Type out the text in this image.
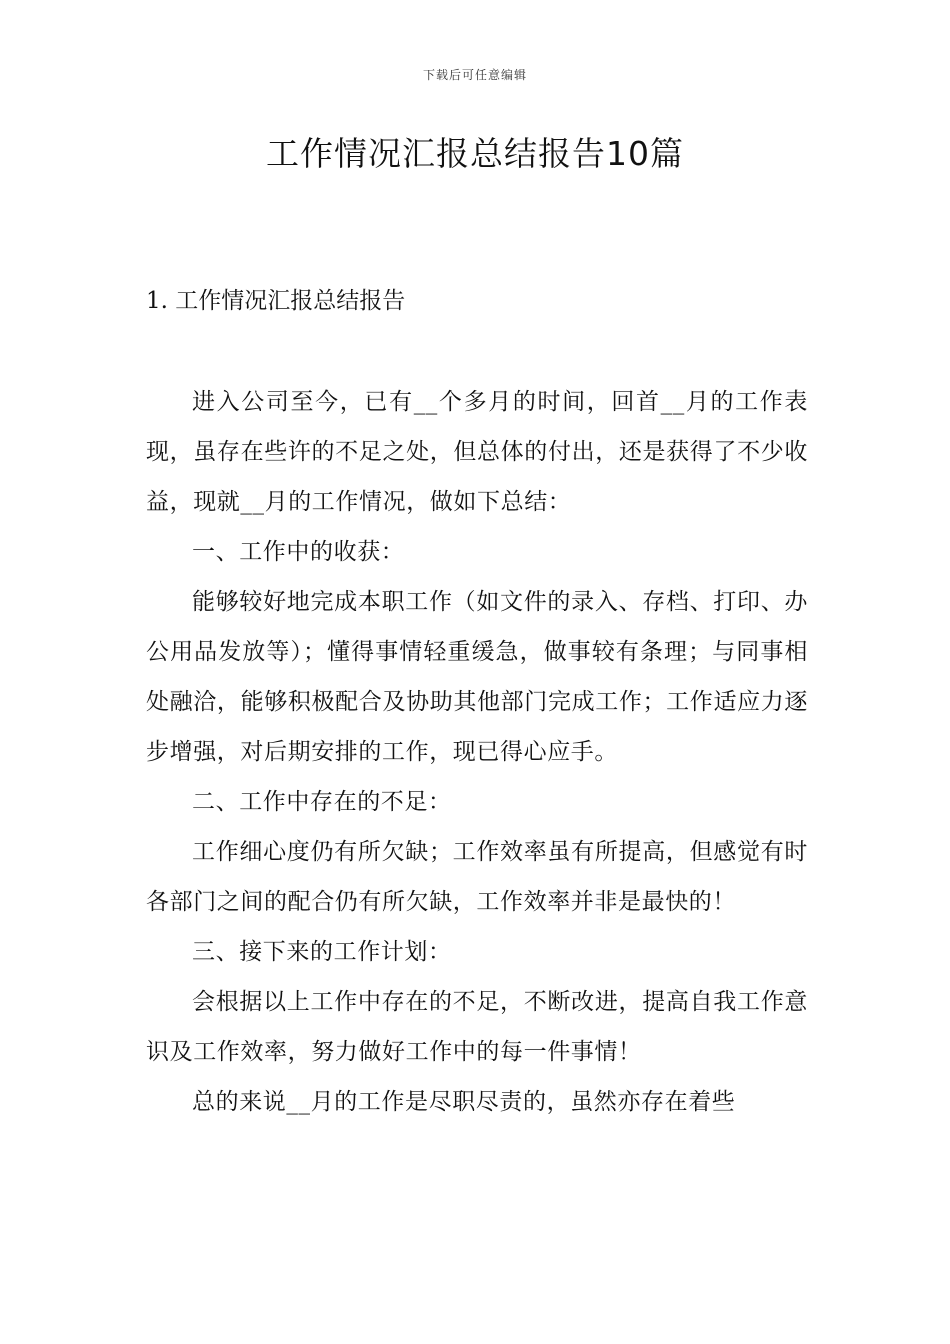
下载后可任意编辑
工作情况汇报总结报告10篇
1. 工作情况汇报总结报告

进入公司至今，已有__个多月的时间，回首__月的工作表现，虽存在些许的不足之处，但总体的付出，还是获得了不少收益，现就__月的工作情况，做如下总结：

一、工作中的收获：

能够较好地完成本职工作（如文件的录入、存档、打印、办公用品发放等）；懂得事情轻重缓急，做事较有条理；与同事相处融洽，能够积极配合及协助其他部门完成工作；工作适应力逐步增强，对后期安排的工作，现已得心应手。

二、工作中存在的不足：

工作细心度仍有所欠缺；工作效率虽有所提高，但感觉有时各部门之间的配合仍有所欠缺，工作效率并非是最快的！

三、接下来的工作计划：

会根据以上工作中存在的不足，不断改进，提高自我工作意识及工作效率，努力做好工作中的每一件事情！

总的来说__月的工作是尽职尽责的，虽然亦存在着些
